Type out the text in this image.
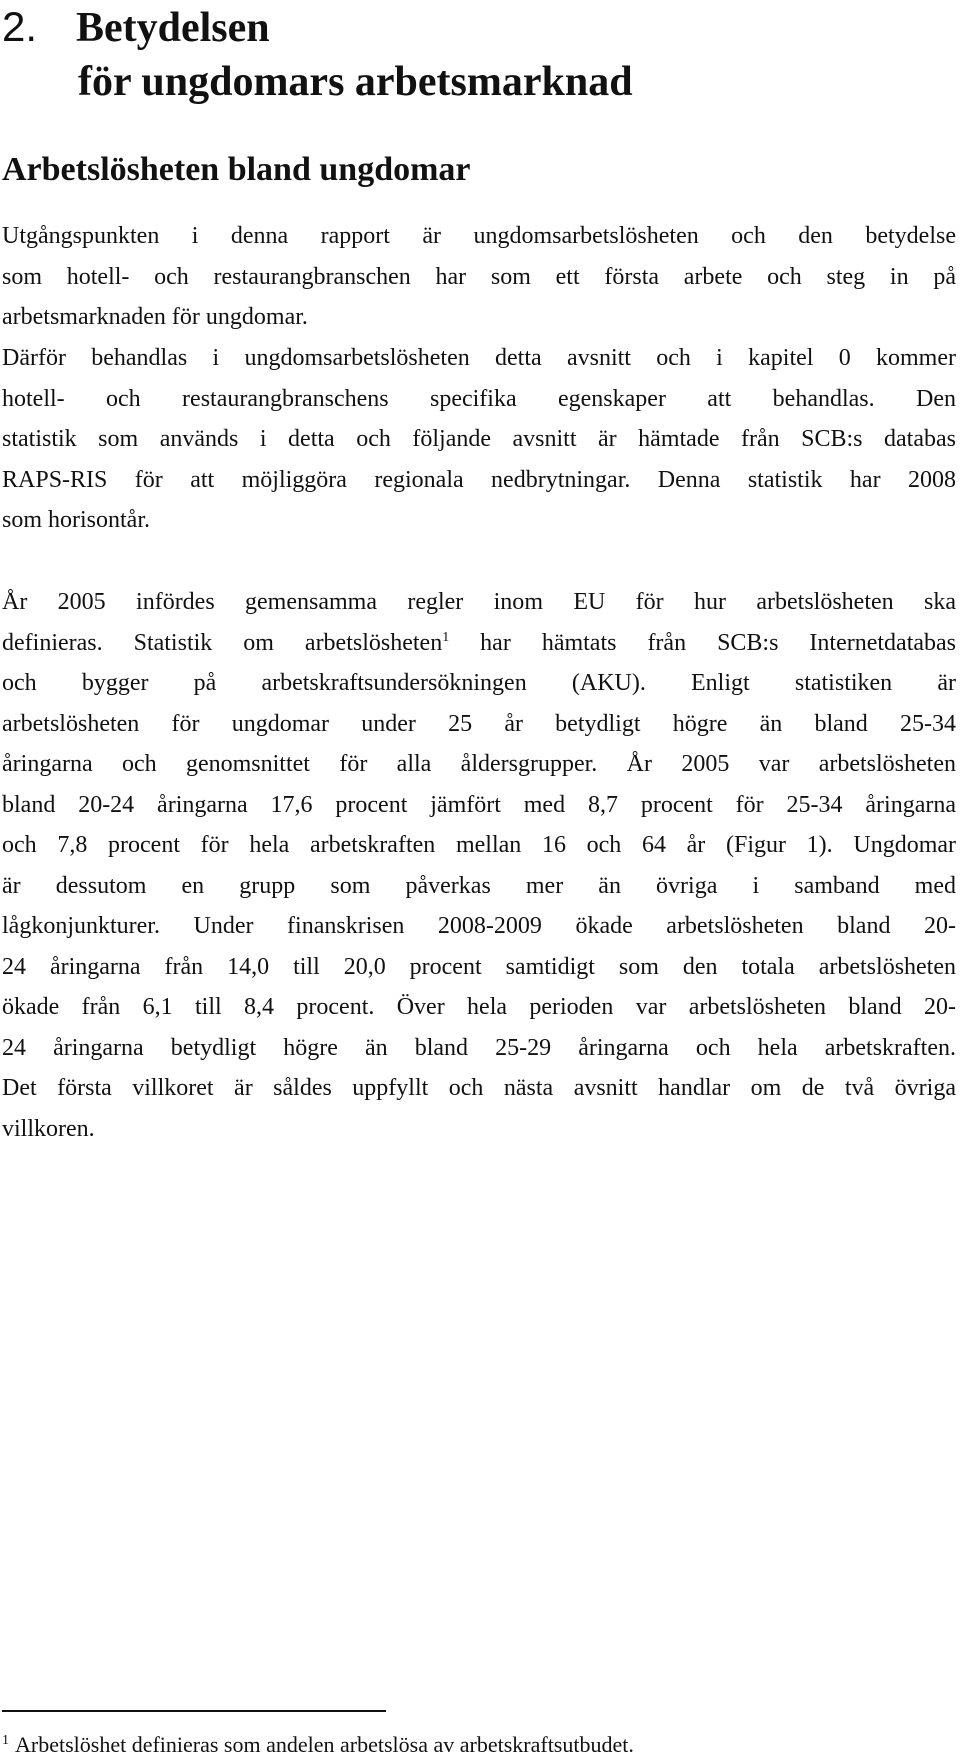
2. Betydelsen
för ungdomars arbetsmarknad
Arbetslösheten bland ungdomar

Utgångspunkten i denna rapport är ungdomsarbetslösheten och den betydelse
som hotell- och restaurangbranschen har som ett första arbete och steg in på
arbetsmarknaden för ungdomar.

Därför behandlas i ungdomsarbetslösheten detta avsnitt och i kapitel 0 kommer
hotell- och restaurangbranschens specifika egenskaper att behandlas. Den
statistik som används i detta och följande avsnitt är hämtade från SCB:s databas
RAPS-RIS för att möjliggöra regionala nedbrytningar. Denna statistik har 2008
som horisontår.

År 2005 infördes gemensamma regler inom EU för hur arbetslösheten ska
definieras. Statistik om arbetslösheten$^1$ har hämtats från SCB:s Internetdatabas
och bygger på arbetskraftsundersökningen (AKU). Enligt statistiken är
arbetslösheten för ungdomar under 25 år betydligt högre än bland 25-34
åringarna och genomsnittet för alla åldersgrupper. År 2005 var arbetslösheten
bland 20-24 åringarna 17,6 procent jämfört med 8,7 procent för 25-34 åringarna
och 7,8 procent för hela arbetskraften mellan 16 och 64 år (Figur 1). Ungdomar
är dessutom en grupp som påverkas mer än övriga i samband med
lågkonjunkturer. Under finanskrisen 2008-2009 ökade arbetslösheten bland 20-
24 åringarna från 14,0 till 20,0 procent samtidigt som den totala arbetslösheten
ökade från 6,1 till 8,4 procent. Över hela perioden var arbetslösheten bland 20-
24 åringarna betydligt högre än bland 25-29 åringarna och hela arbetskraften.
Det första villkoret är såldes uppfyllt och nästa avsnitt handlar om de två övriga
villkoren.

$^1$ Arbetslöshet definieras som andelen arbetslösa av arbetskraftsutbudet.
